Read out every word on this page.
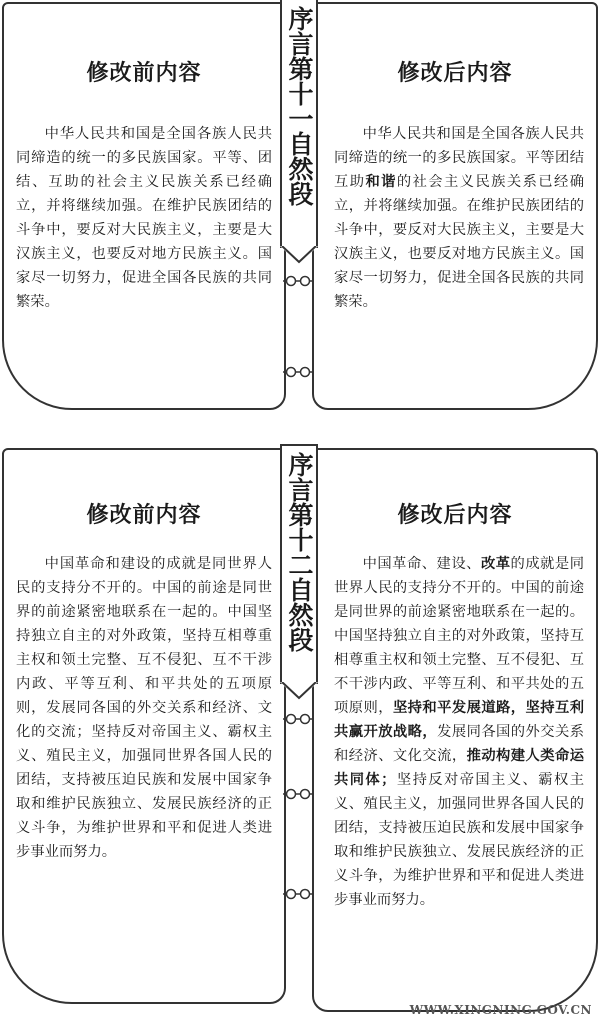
修改前内容
中华人民共和国是全国各族人民共同缔造的统一的多民族国家。平等、团结、互助的社会主义民族关系已经确立，并将继续加强。在维护民族团结的斗争中，要反对大民族主义，主要是大汉族主义，也要反对地方民族主义。国家尽一切努力，促进全国各民族的共同繁荣。
修改后内容
中华人民共和国是全国各族人民共同缔造的统一的多民族国家。平等团结互助和谐的社会主义民族关系已经确立，并将继续加强。在维护民族团结的斗争中，要反对大民族主义，主要是大汉族主义，也要反对地方民族主义。国家尽一切努力，促进全国各民族的共同繁荣。
序言第十一自然段
修改前内容
中国革命和建设的成就是同世界人民的支持分不开的。中国的前途是同世界的前途紧密地联系在一起的。中国坚持独立自主的对外政策，坚持互相尊重主权和领土完整、互不侵犯、互不干涉内政、平等互利、和平共处的五项原则，发展同各国的外交关系和经济、文化的交流；坚持反对帝国主义、霸权主义、殖民主义，加强同世界各国人民的团结，支持被压迫民族和发展中国家争取和维护民族独立、发展民族经济的正义斗争，为维护世界和平和促进人类进步事业而努力。
修改后内容
中国革命、建设、改革的成就是同世界人民的支持分不开的。中国的前途是同世界的前途紧密地联系在一起的。中国坚持独立自主的对外政策，坚持互相尊重主权和领土完整、互不侵犯、互不干涉内政、平等互利、和平共处的五项原则，坚持和平发展道路，坚持互利共赢开放战略，发展同各国的外交关系和经济、文化交流，推动构建人类命运共同体；坚持反对帝国主义、霸权主义、殖民主义，加强同世界各国人民的团结，支持被压迫民族和发展中国家争取和维护民族独立、发展民族经济的正义斗争，为维护世界和平和促进人类进步事业而努力。
序言第十二自然段
WWW.XINGNING.GOV.CN
